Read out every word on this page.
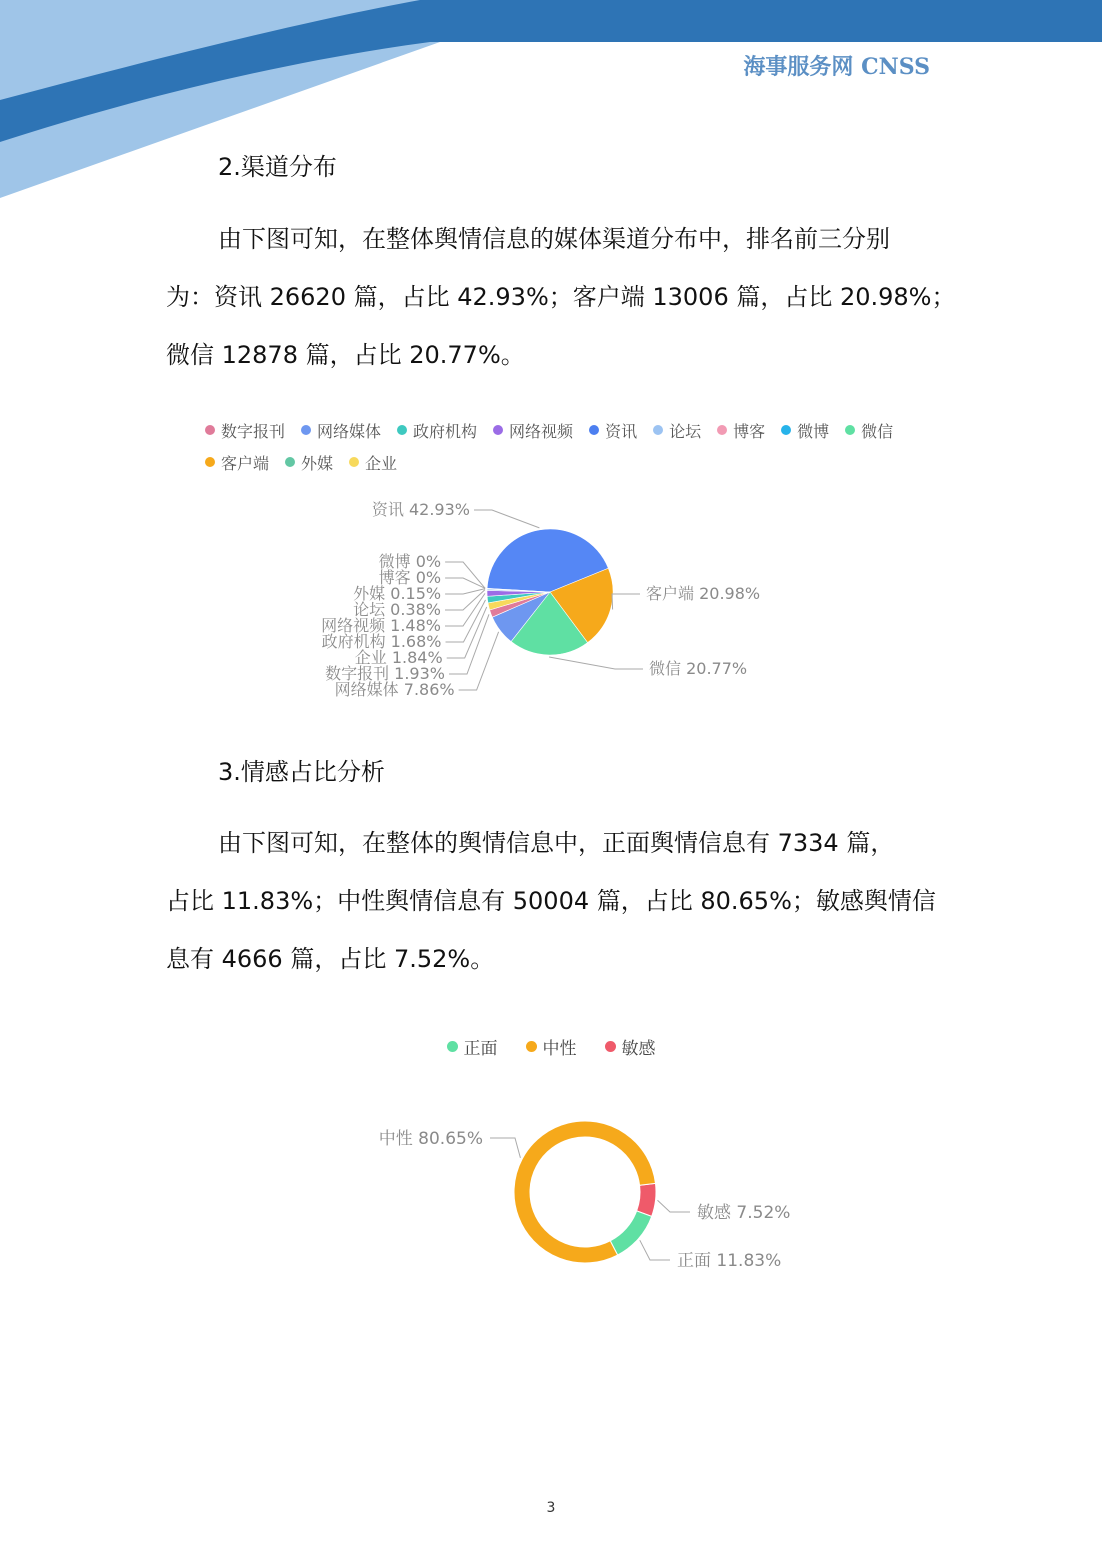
海事服务网 CNSS
2.渠道分布
由下图可知，在整体舆情信息的媒体渠道分布中，排名前三分别
为：资讯 26620 篇，占比 42.93%；客户端 13006 篇，占比 20.98%；
微信 12878 篇，占比 20.77%。
数字报刊 网络媒体 政府机构 网络视频 资讯 论坛 博客 微博 微信
客户端 外媒 企业
资讯 42.93%
客户端 20.98%
微信 20.77%
网络媒体 7.86%
数字报刊 1.93%
企业 1.84%
政府机构 1.68%
网络视频 1.48%
论坛 0.38%
外媒 0.15%
博客 0%
微博 0%
3.情感占比分析
由下图可知，在整体的舆情信息中，正面舆情信息有 7334 篇，
占比 11.83%；中性舆情信息有 50004 篇，占比 80.65%；敏感舆情信
息有 4666 篇，占比 7.52%。
正面	中性	敏感
敏感 7.52%
正面 11.83%
中性 80.65%
3
